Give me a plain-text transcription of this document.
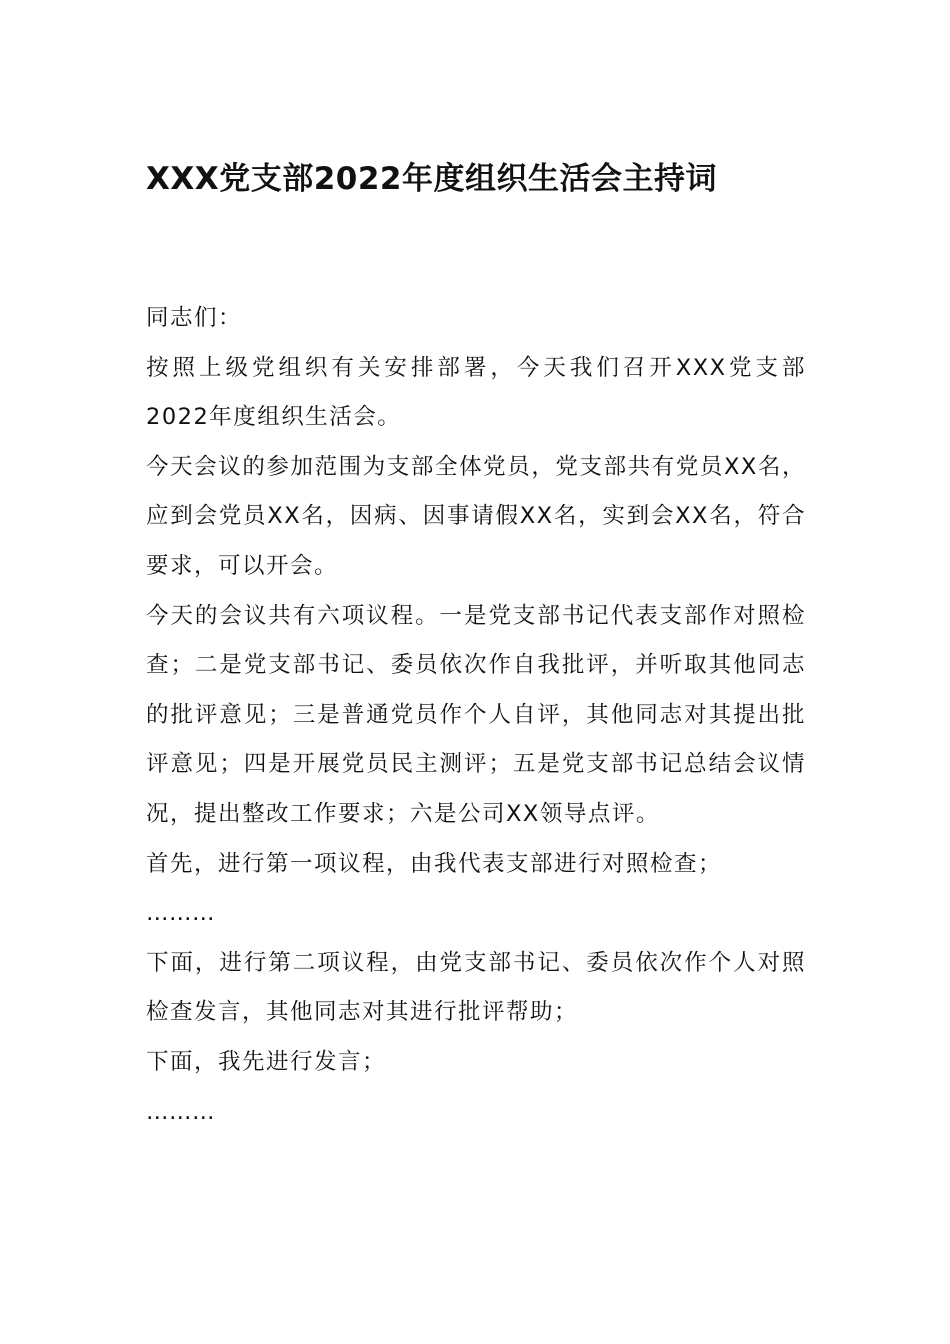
XXX党支部2022年度组织生活会主持词

同志们：

按照上级党组织有关安排部署，今天我们召开XXX党支部2022年度组织生活会。

今天会议的参加范围为支部全体党员，党支部共有党员XX名，应到会党员XX名，因病、因事请假XX名，实到会XX名，符合要求，可以开会。

今天的会议共有六项议程。一是党支部书记代表支部作对照检查；二是党支部书记、委员依次作自我批评，并听取其他同志的批评意见；三是普通党员作个人自评，其他同志对其提出批评意见；四是开展党员民主测评；五是党支部书记总结会议情况，提出整改工作要求；六是公司XX领导点评。

首先，进行第一项议程，由我代表支部进行对照检查；

………

下面，进行第二项议程，由党支部书记、委员依次作个人对照检查发言，其他同志对其进行批评帮助；

下面，我先进行发言；

………
